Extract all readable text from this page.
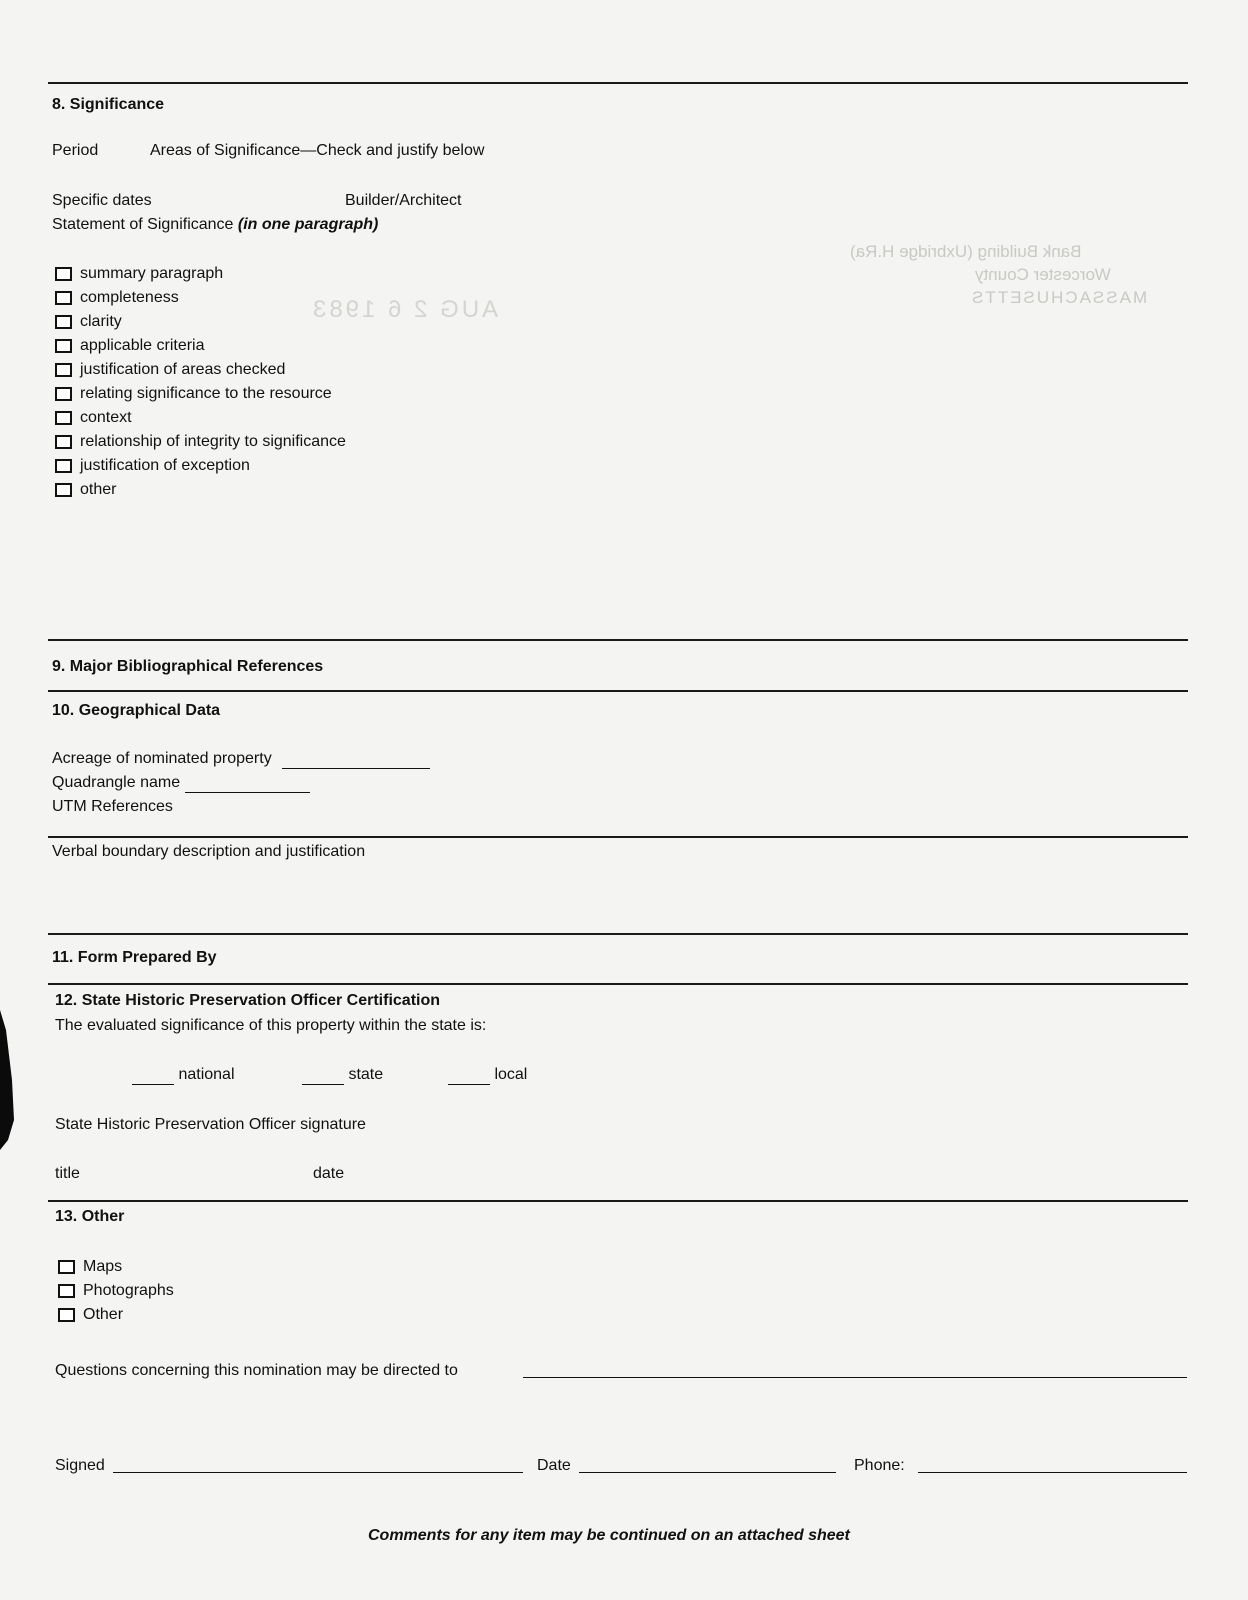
Bank Building (Uxbridge H.Ra)
Worcester County
MASSACHUSETTS
AUG 2 6 1983
8. Significance
Period	Areas of Significance—Check and justify below
Specific dates	Builder/Architect
Statement of Significance (in one paragraph)
summary paragraph
completeness
clarity
applicable criteria
justification of areas checked
relating significance to the resource
context
relationship of integrity to significance
justification of exception
other
9. Major Bibliographical References
10. Geographical Data
Acreage of nominated property
Quadrangle name
UTM References
Verbal boundary description and justification
11. Form Prepared By
12. State Historic Preservation Officer Certification
The evaluated significance of this property within the state is:
national	state	local
State Historic Preservation Officer signature
title	date
13. Other
Maps
Photographs
Other
Questions concerning this nomination may be directed to
Signed	Date	Phone:
Comments for any item may be continued on an attached sheet
